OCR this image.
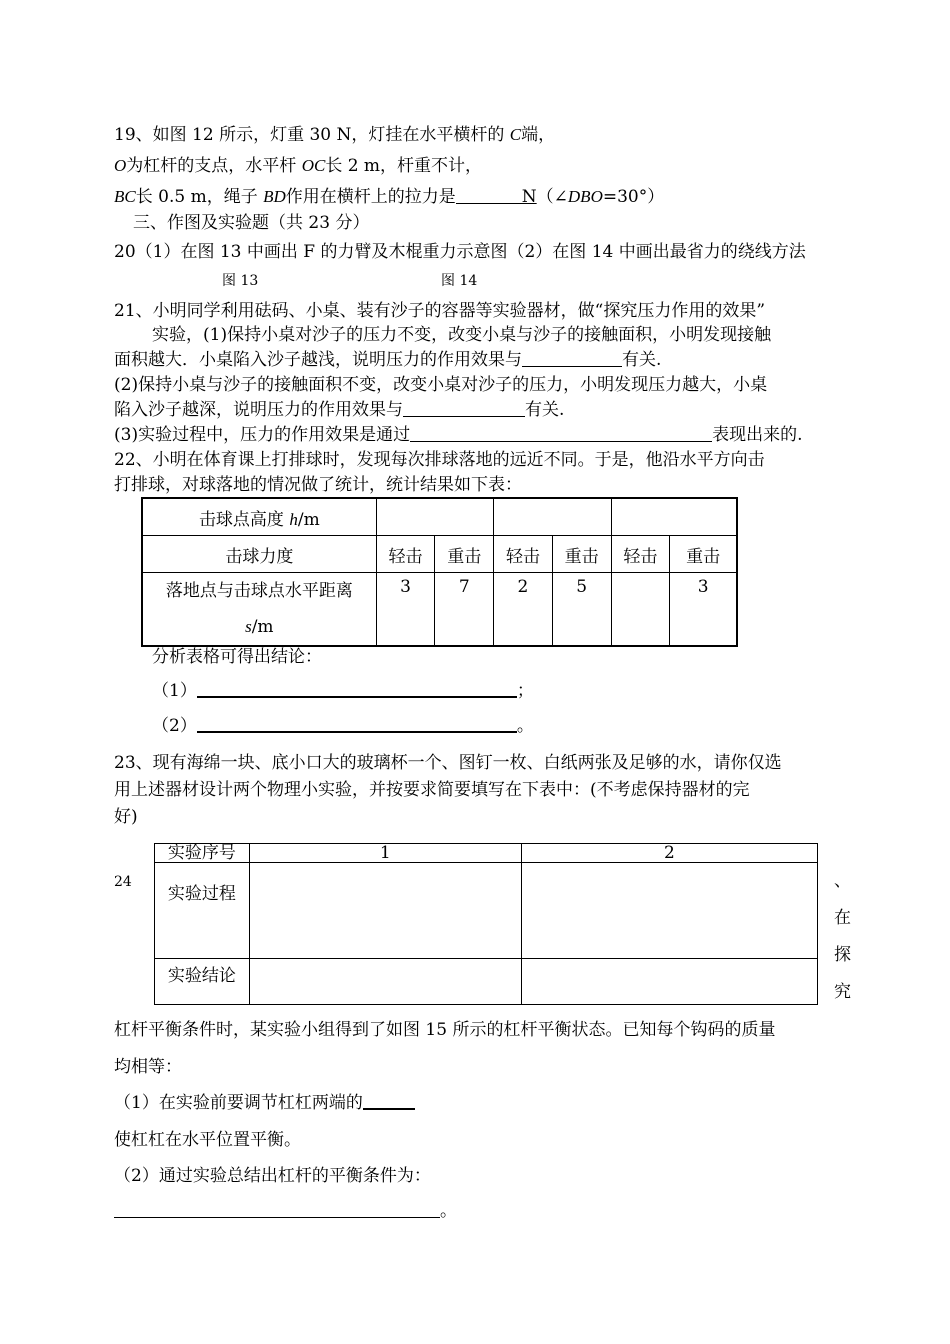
19、如图 12 所示，灯重 30 N，灯挂在水平横杆的 C端，
O为杠杆的支点，水平杆 OC长 2 m，杆重不计，
BC长 0.5 m，绳子 BD作用在横杆上的拉力是	N（∠DBO=30°）
三、作图及实验题（共 23 分）
20（1）在图 13 中画出 F 的力臂及木棍重力示意图（2）在图 14 中画出最省力的绕线方法
图 13	图 14
21、小明同学利用砝码、小桌、装有沙子的容器等实验器材，做“探究压力作用的效果”
实验，(1)保持小桌对沙子的压力不变，改变小桌与沙子的接触面积，小明发现接触
面积越大．小桌陷入沙子越浅，说明压力的作用效果与	有关.
(2)保持小桌与沙子的接触面积不变，改变小桌对沙子的压力，小明发现压力越大，小桌
陷入沙子越深，说明压力的作用效果与	有关.
(3)实验过程中，压力的作用效果是通过	表现出来的.
22、小明在体育课上打排球时，发现每次排球落地的远近不同。于是，他沿水平方向击
打排球，对球落地的情况做了统计，统计结果如下表：
击球点高度 h/m						
击球力度	轻击	重击	轻击	重击	轻击	重击

落地点与击球点水平距离
s/m	3	7	2	5		3
分析表格可得出结论：
（1）	；
（2）	。
23、现有海绵一块、底小口大的玻璃杯一个、图钉一枚、白纸两张及足够的水，请你仅选
用上述器材设计两个物理小实验，并按要求简要填写在下表中：(不考虑保持器材的完
好)
实验序号	1	2
实验过程		
实验结论		
24	、
在
探
究
杠杆平衡条件时，某实验小组得到了如图 15 所示的杠杆平衡状态。已知每个钩码的质量
均相等：
（1）在实验前要调节杠杠两端的
使杠杠在水平位置平衡。
（2）通过实验总结出杠杆的平衡条件为：
。
